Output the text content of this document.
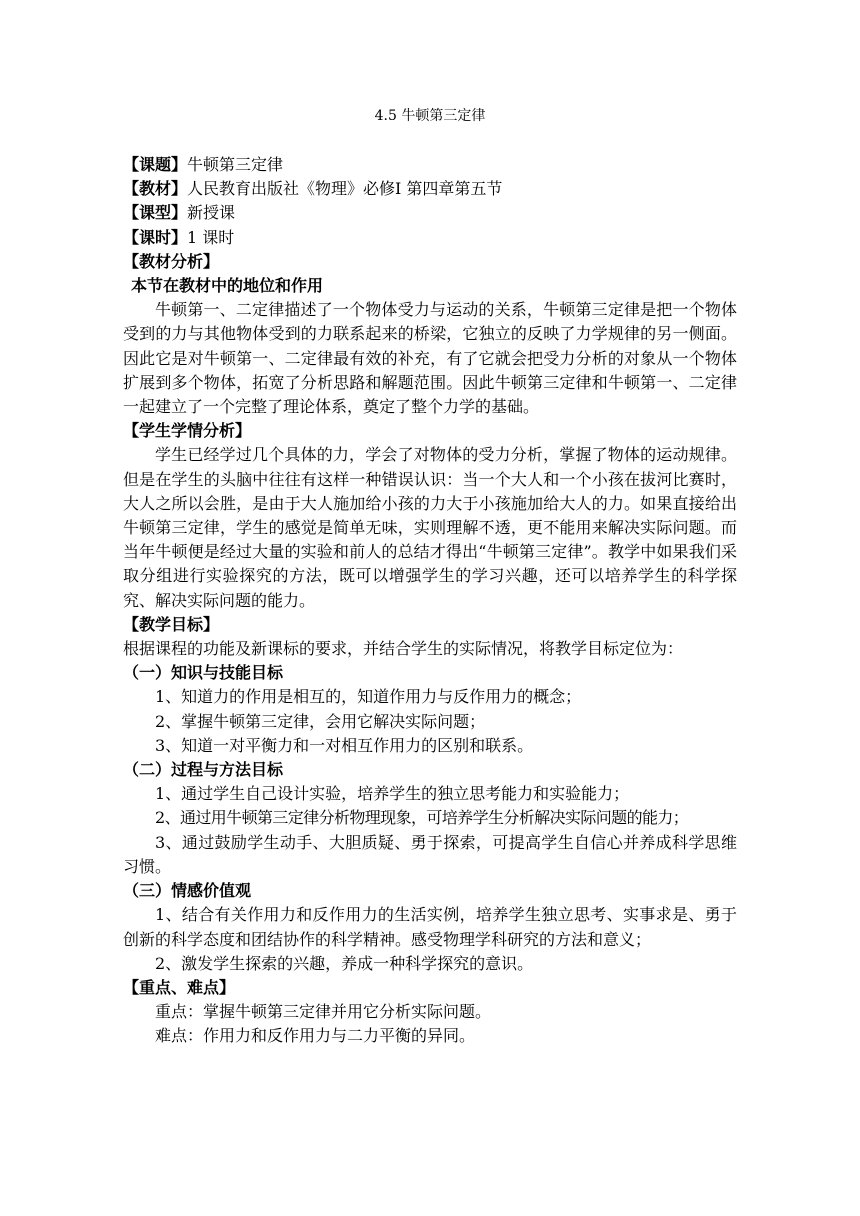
4.5 牛顿第三定律
【课题】牛顿第三定律
【教材】人民教育出版社《物理》必修Ⅰ 第四章第五节
【课型】新授课
【课时】1 课时
【教材分析】
本节在教材中的地位和作用
牛顿第一、二定律描述了一个物体受力与运动的关系，牛顿第三定律是把一个物体受到的力与其他物体受到的力联系起来的桥梁，它独立的反映了力学规律的另一侧面。因此它是对牛顿第一、二定律最有效的补充，有了它就会把受力分析的对象从一个物体扩展到多个物体，拓宽了分析思路和解题范围。因此牛顿第三定律和牛顿第一、二定律一起建立了一个完整了理论体系，奠定了整个力学的基础。
【学生学情分析】
学生已经学过几个具体的力，学会了对物体的受力分析，掌握了物体的运动规律。但是在学生的头脑中往往有这样一种错误认识：当一个大人和一个小孩在拔河比赛时，大人之所以会胜，是由于大人施加给小孩的力大于小孩施加给大人的力。如果直接给出牛顿第三定律，学生的感觉是简单无味，实则理解不透，更不能用来解决实际问题。而当年牛顿便是经过大量的实验和前人的总结才得出“牛顿第三定律”。教学中如果我们采取分组进行实验探究的方法，既可以增强学生的学习兴趣，还可以培养学生的科学探究、解决实际问题的能力。
【教学目标】
根据课程的功能及新课标的要求，并结合学生的实际情况，将教学目标定位为：
（一）知识与技能目标
1、知道力的作用是相互的，知道作用力与反作用力的概念；
2、掌握牛顿第三定律，会用它解决实际问题；
3、知道一对平衡力和一对相互作用力的区别和联系。
（二）过程与方法目标
1、通过学生自己设计实验，培养学生的独立思考能力和实验能力；
2、通过用牛顿第三定律分析物理现象，可培养学生分析解决实际问题的能力；
3、通过鼓励学生动手、大胆质疑、勇于探索，可提高学生自信心并养成科学思维习惯。
（三）情感价值观
1、结合有关作用力和反作用力的生活实例，培养学生独立思考、实事求是、勇于创新的科学态度和团结协作的科学精神。感受物理学科研究的方法和意义；
2、激发学生探索的兴趣，养成一种科学探究的意识。
【重点、难点】
重点：掌握牛顿第三定律并用它分析实际问题。
难点：作用力和反作用力与二力平衡的异同。
